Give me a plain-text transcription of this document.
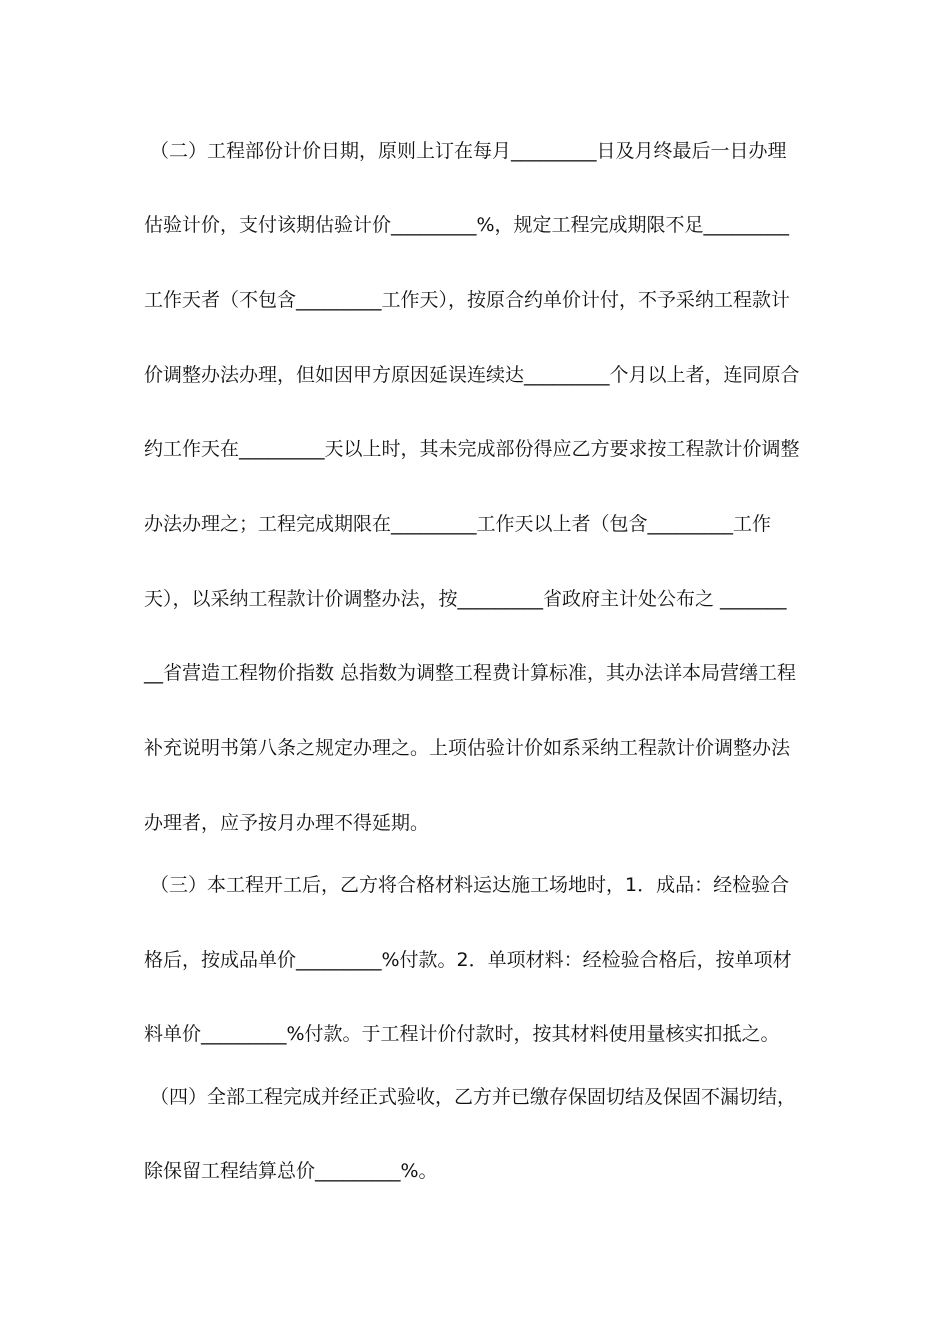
（二）工程部份计价日期，原则上订在每月_________日及月终最后一日办理
估验计价，支付该期估验计价_________%，规定工程完成期限不足_________
工作天者（不包含_________工作天），按原合约单价计付，不予采纳工程款计
价调整办法办理，但如因甲方原因延误连续达_________个月以上者，连同原合
约工作天在_________天以上时，其未完成部份得应乙方要求按工程款计价调整
办法办理之；工程完成期限在_________工作天以上者（包含_________工作
天），以采纳工程款计价调整办法，按_________省政府主计处公布之 _______
__省营造工程物价指数 总指数为调整工程费计算标准，其办法详本局营缮工程
补充说明书第八条之规定办理之。上项估验计价如系采纳工程款计价调整办法
办理者，应予按月办理不得延期。
（三）本工程开工后，乙方将合格材料运达施工场地时，1．成品：经检验合
格后，按成品单价_________%付款。2．单项材料：经检验合格后，按单项材
料单价_________%付款。于工程计价付款时，按其材料使用量核实扣抵之。
（四）全部工程完成并经正式验收，乙方并已缴存保固切结及保固不漏切结，
除保留工程结算总价_________%。
